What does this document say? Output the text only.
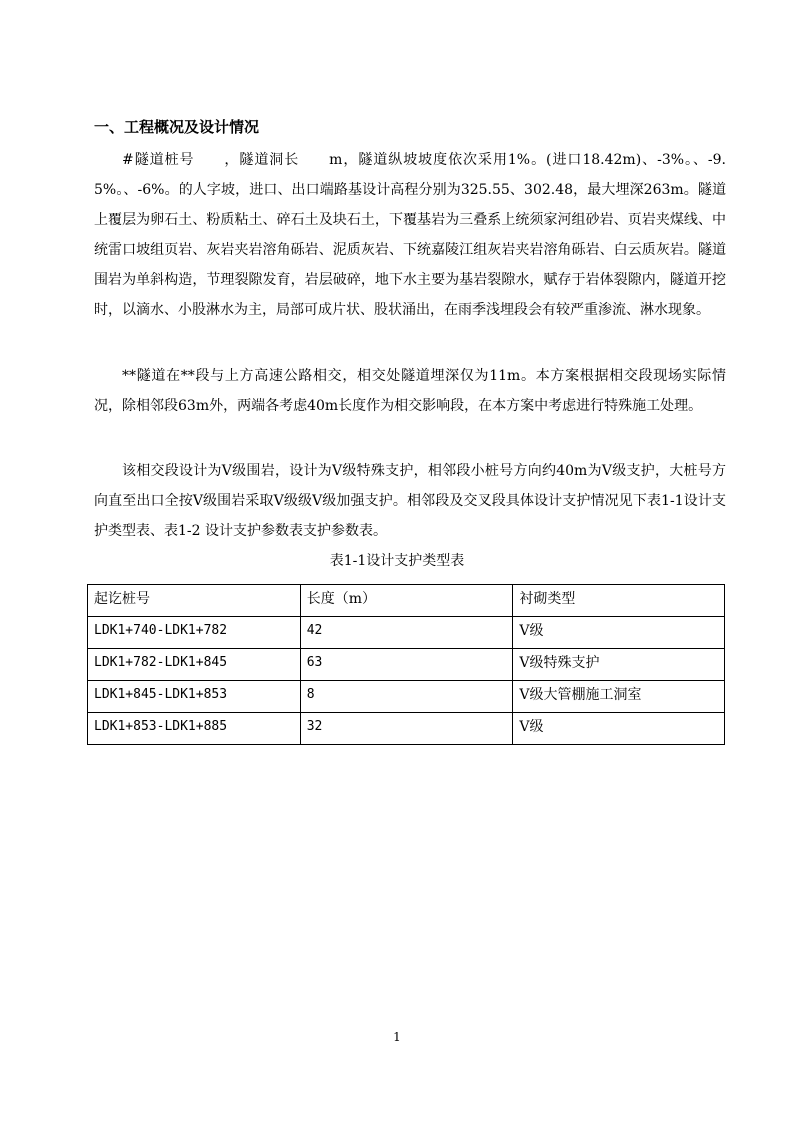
一、工程概况及设计情况

#隧道桩号　　，隧道洞长　　m，隧道纵坡坡度依次采用1%。(进口18.42m)、-3%。、-9.5%。、-6%。的人字坡，进口、出口端路基设计高程分别为325.55、302.48，最大埋深263m。隧道上覆层为卵石土、粉质粘土、碎石土及块石土，下覆基岩为三叠系上统须家河组砂岩、页岩夹煤线、中统雷口坡组页岩、灰岩夹岩溶角砾岩、泥质灰岩、下统嘉陵江组灰岩夹岩溶角砾岩、白云质灰岩。隧道围岩为单斜构造，节理裂隙发育，岩层破碎，地下水主要为基岩裂隙水，赋存于岩体裂隙内，隧道开挖时，以滴水、小股淋水为主，局部可成片状、股状涌出，在雨季浅埋段会有较严重渗流、淋水现象。

**隧道在**段与上方高速公路相交，相交处隧道埋深仅为11m。本方案根据相交段现场实际情况，除相邻段63m外，两端各考虑40m长度作为相交影响段，在本方案中考虑进行特殊施工处理。

该相交段设计为Ⅴ级围岩，设计为Ⅴ级特殊支护，相邻段小桩号方向约40m为Ⅴ级支护，大桩号方向直至出口全按Ⅴ级围岩采取Ⅴ级级Ⅴ级加强支护。相邻段及交叉段具体设计支护情况见下表1-1设计支护类型表、表1-2 设计支护参数表支护参数表。

表1-1设计支护类型表
起讫桩号	长度（m）	衬砌类型
LDK1+740-LDK1+782	42	Ⅴ级
LDK1+782-LDK1+845	63	Ⅴ级特殊支护
LDK1+845-LDK1+853	8	Ⅴ级大管棚施工洞室
LDK1+853-LDK1+885	32	Ⅴ级
1
